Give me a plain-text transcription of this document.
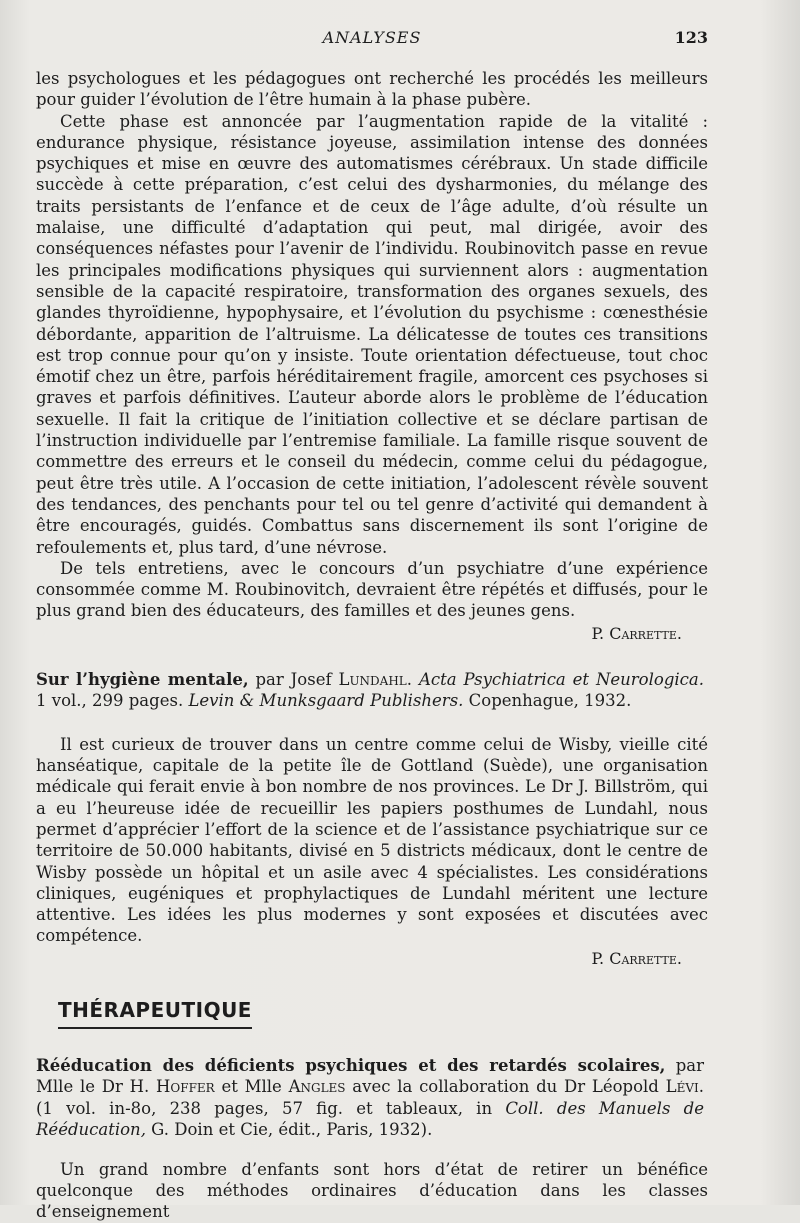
ANALYSES	123

les psychologues et les pédagogues ont recherché les procédés les meilleurs pour guider l’évolution de l’être humain à la phase pubère.

Cette phase est annoncée par l’augmentation rapide de la vitalité : endurance physique, résistance joyeuse, assimilation intense des données psychiques et mise en œuvre des automatismes cérébraux. Un stade difficile succède à cette préparation, c’est celui des dysharmonies, du mélange des traits persistants de l’enfance et de ceux de l’âge adulte, d’où résulte un malaise, une difficulté d’adaptation qui peut, mal dirigée, avoir des conséquences néfastes pour l’avenir de l’individu. Roubinovitch passe en revue les principales modifications physiques qui surviennent alors : augmentation sensible de la capacité respiratoire, transformation des organes sexuels, des glandes thyroïdienne, hypophysaire, et l’évolution du psychisme : cœnesthésie débordante, apparition de l’altruisme. La délicatesse de toutes ces transitions est trop connue pour qu’on y insiste. Toute orientation défectueuse, tout choc émotif chez un être, parfois héréditairement fragile, amorcent ces psychoses si graves et parfois définitives. L’auteur aborde alors le problème de l’éducation sexuelle. Il fait la critique de l’initiation collective et se déclare partisan de l’instruction individuelle par l’entremise familiale. La famille risque souvent de commettre des erreurs et le conseil du médecin, comme celui du pédagogue, peut être très utile. A l’occasion de cette initiation, l’adolescent révèle souvent des tendances, des penchants pour tel ou tel genre d’activité qui demandent à être encouragés, guidés. Combattus sans discernement ils sont l’origine de refoulements et, plus tard, d’une névrose.

De tels entretiens, avec le concours d’un psychiatre d’une expérience consommée comme M. Roubinovitch, devraient être répétés et diffusés, pour le plus grand bien des éducateurs, des familles et des jeunes gens.

P. Carrette.
Sur l’hygiène mentale, par Josef Lundahl. Acta Psychiatrica et Neurologica. 1 vol., 299 pages. Levin & Munksgaard Publishers. Copenhague, 1932.

Il est curieux de trouver dans un centre comme celui de Wisby, vieille cité hanséatique, capitale de la petite île de Gottland (Suède), une organisation médicale qui ferait envie à bon nombre de nos provinces. Le Dr J. Billström, qui a eu l’heureuse idée de recueillir les papiers posthumes de Lundahl, nous permet d’apprécier l’effort de la science et de l’assistance psychiatrique sur ce territoire de 50.000 habitants, divisé en 5 districts médicaux, dont le centre de Wisby possède un hôpital et un asile avec 4 spécialistes. Les considérations cliniques, eugéniques et prophylactiques de Lundahl méritent une lecture attentive. Les idées les plus modernes y sont exposées et discutées avec compétence.

P. Carrette.
THÉRAPEUTIQUE
Rééducation des déficients psychiques et des retardés scolaires, par Mlle le Dr H. Hoffer et Mlle Angles avec la collaboration du Dr Léopold Lévi. (1 vol. in-8o, 238 pages, 57 fig. et tableaux, in Coll. des Manuels de Rééducation, G. Doin et Cie, édit., Paris, 1932).

Un grand nombre d’enfants sont hors d’état de retirer un bénéfice quelconque des méthodes ordinaires d’éducation dans les classes d’enseignement
